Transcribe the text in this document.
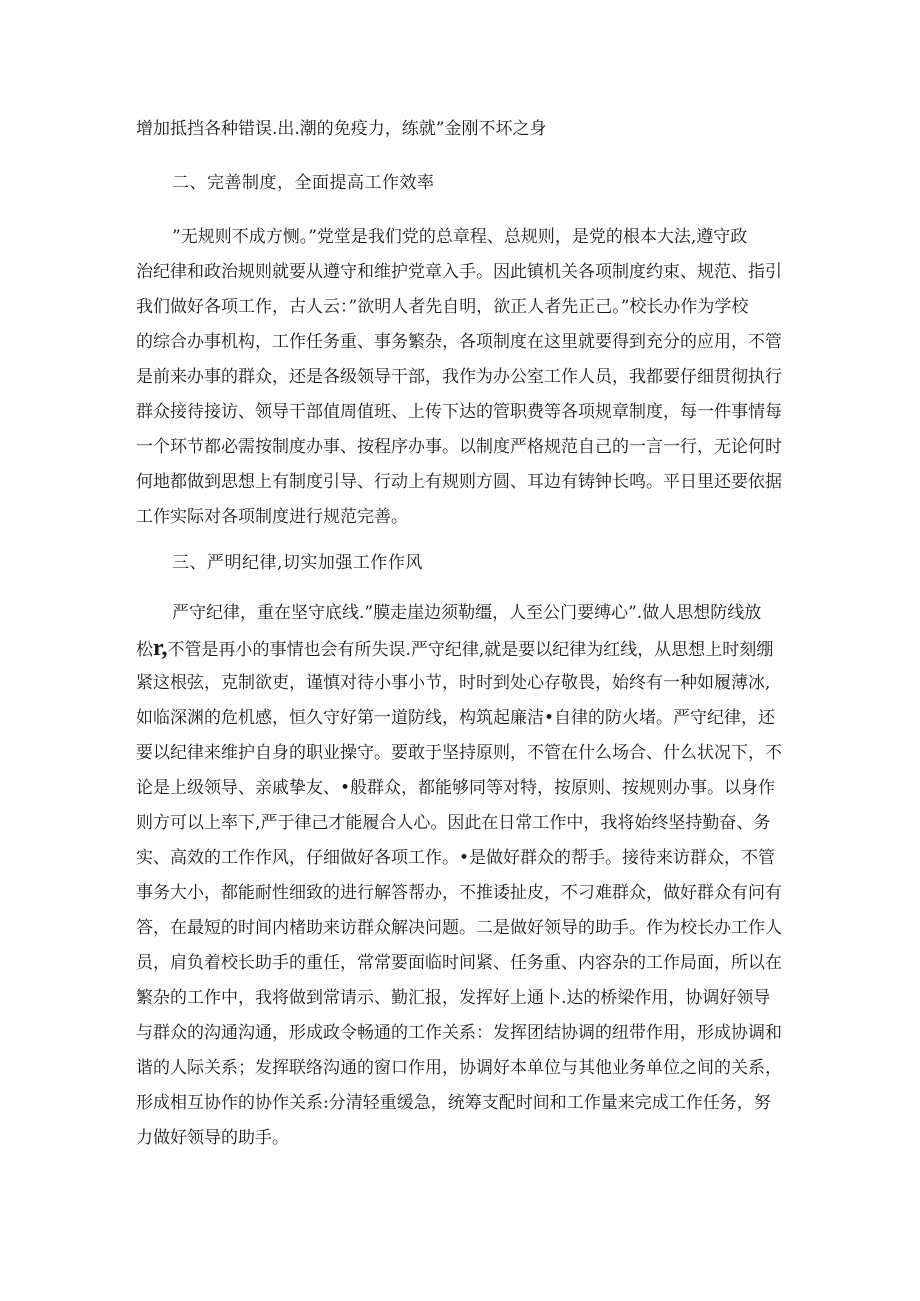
增加抵挡各种错误.出.潮的免疫力，练就”金刚不坏之身
二、完善制度，全面提高工作效率
”无规则不成方恻。”党堂是我们党的总章程、总规则，是党的根本大法,遵守政
治纪律和政治规则就要从遵守和维护党章入手。因此镇机关各项制度约束、规范、指引
我们做好各项工作，古人云：”欲明人者先自明，欲正人者先正己。”校长办作为学校
的综合办事机构，工作任务重、事务繁杂，各项制度在这里就要得到充分的应用，不管
是前来办事的群众，还是各级领导干部，我作为办公室工作人员，我都要仔细贯彻执行
群众接待接访、领导干部值周值班、上传下达的管职费等各项规章制度，每一件事情每
一个环节都必需按制度办事、按程序办事。以制度严格规范自己的一言一行，无论何时
何地都做到思想上有制度引导、行动上有规则方圆、耳边有铸钟长鸣。平日里还要依据
工作实际对各项制度进行规范完善。
三、严明纪律,切实加强工作作风
严守纪律，重在坚守底线.”膜走崖边须勒缰，人至公门要缚心”.做人思想防线放
松r,不管是再小的事情也会有所失误.严守纪律,就是要以纪律为红线，从思想上时刻绷
紧这根弦，克制欲吏，谨慎对待小事小节，时时到处心存敬畏，始终有一种如履薄冰,
如临深渊的危机感，恒久守好第一道防线，构筑起廉洁•自律的防火堵。严守纪律，还
要以纪律来维护自身的职业操守。要敢于坚持原则，不管在什么场合、什么状况下，不
论是上级领导、亲戚挚友、•般群众，都能够同等对特，按原则、按规则办事。以身作
则方可以上率下,严于律己才能履合人心。因此在日常工作中，我将始终坚持勤奋、务
实、高效的工作作风，仔细做好各项工作。•是做好群众的帮手。接待来访群众，不管
事务大小，都能耐性细致的进行解答帮办，不推诿扯皮，不刁难群众，做好群众有问有
答，在最短的时间内楮助来访群众解决问题。二是做好领导的助手。作为校长办工作人
员，肩负着校长助手的重任，常常要面临时间紧、任务重、内容杂的工作局面，所以在
繁杂的工作中，我将做到常请示、勤汇报，发挥好上通卜.达的桥梁作用，协调好领导
与群众的沟通沟通，形成政令畅通的工作关系：发挥团结协调的纽带作用，形成协调和
谐的人际关系；发挥联络沟通的窗口作用，协调好本单位与其他业务单位之间的关系，
形成相互协作的协作关系:分清轻重缓急，统筹支配时间和工作量来完成工作任务，努
力做好领导的助手。
